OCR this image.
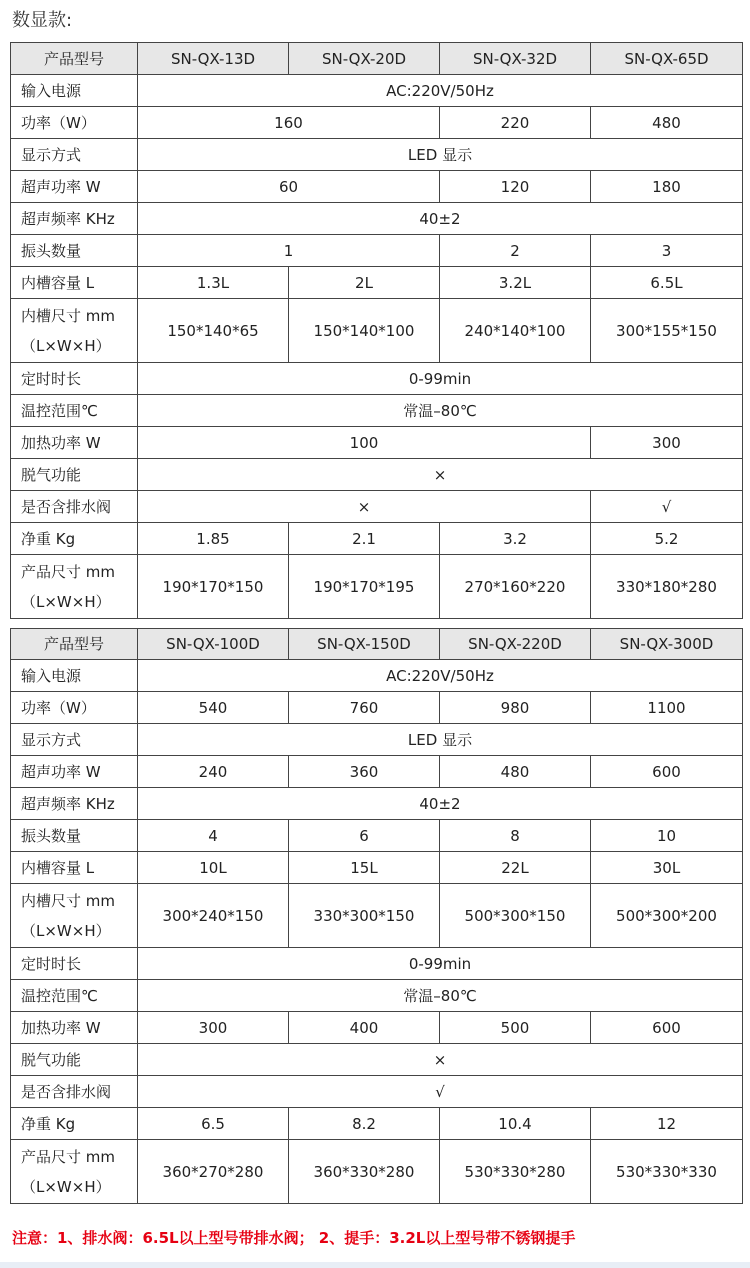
数显款:
产品型号	SN-QX-13D	SN-QX-20D	SN-QX-32D	SN-QX-65D
输入电源	AC:220V/50Hz			
功率（W）	160		220	480
显示方式	LED 显示			
超声功率 W	60		120	180
超声频率 KHz	40±2			
振头数量	1		2	3
内槽容量 L	1.3L	2L	3.2L	6.5L

内槽尺寸 mm
（L×W×H）	150*140*65	150*140*100	240*140*100	300*155*150
定时时长	0-99min			
温控范围℃	常温–80℃			
加热功率 W	100			300
脱气功能	×			
是否含排水阀	×			√
净重 Kg	1.85	2.1	3.2	5.2

产品尺寸 mm
（L×W×H）	190*170*150	190*170*195	270*160*220	330*180*280
产品型号	SN-QX-100D	SN-QX-150D	SN-QX-220D	SN-QX-300D
输入电源	AC:220V/50Hz			
功率（W）	540	760	980	1100
显示方式	LED 显示			
超声功率 W	240	360	480	600
超声频率 KHz	40±2			
振头数量	4	6	8	10
内槽容量 L	10L	15L	22L	30L

内槽尺寸 mm
（L×W×H）	300*240*150	330*300*150	500*300*150	500*300*200
定时时长	0-99min			
温控范围℃	常温–80℃			
加热功率 W	300	400	500	600
脱气功能	×			
是否含排水阀	√			
净重 Kg	6.5	8.2	10.4	12

产品尺寸 mm
（L×W×H）	360*270*280	360*330*280	530*330*280	530*330*330
注意：1、排水阀：6.5L以上型号带排水阀； 2、提手：3.2L以上型号带不锈钢提手
